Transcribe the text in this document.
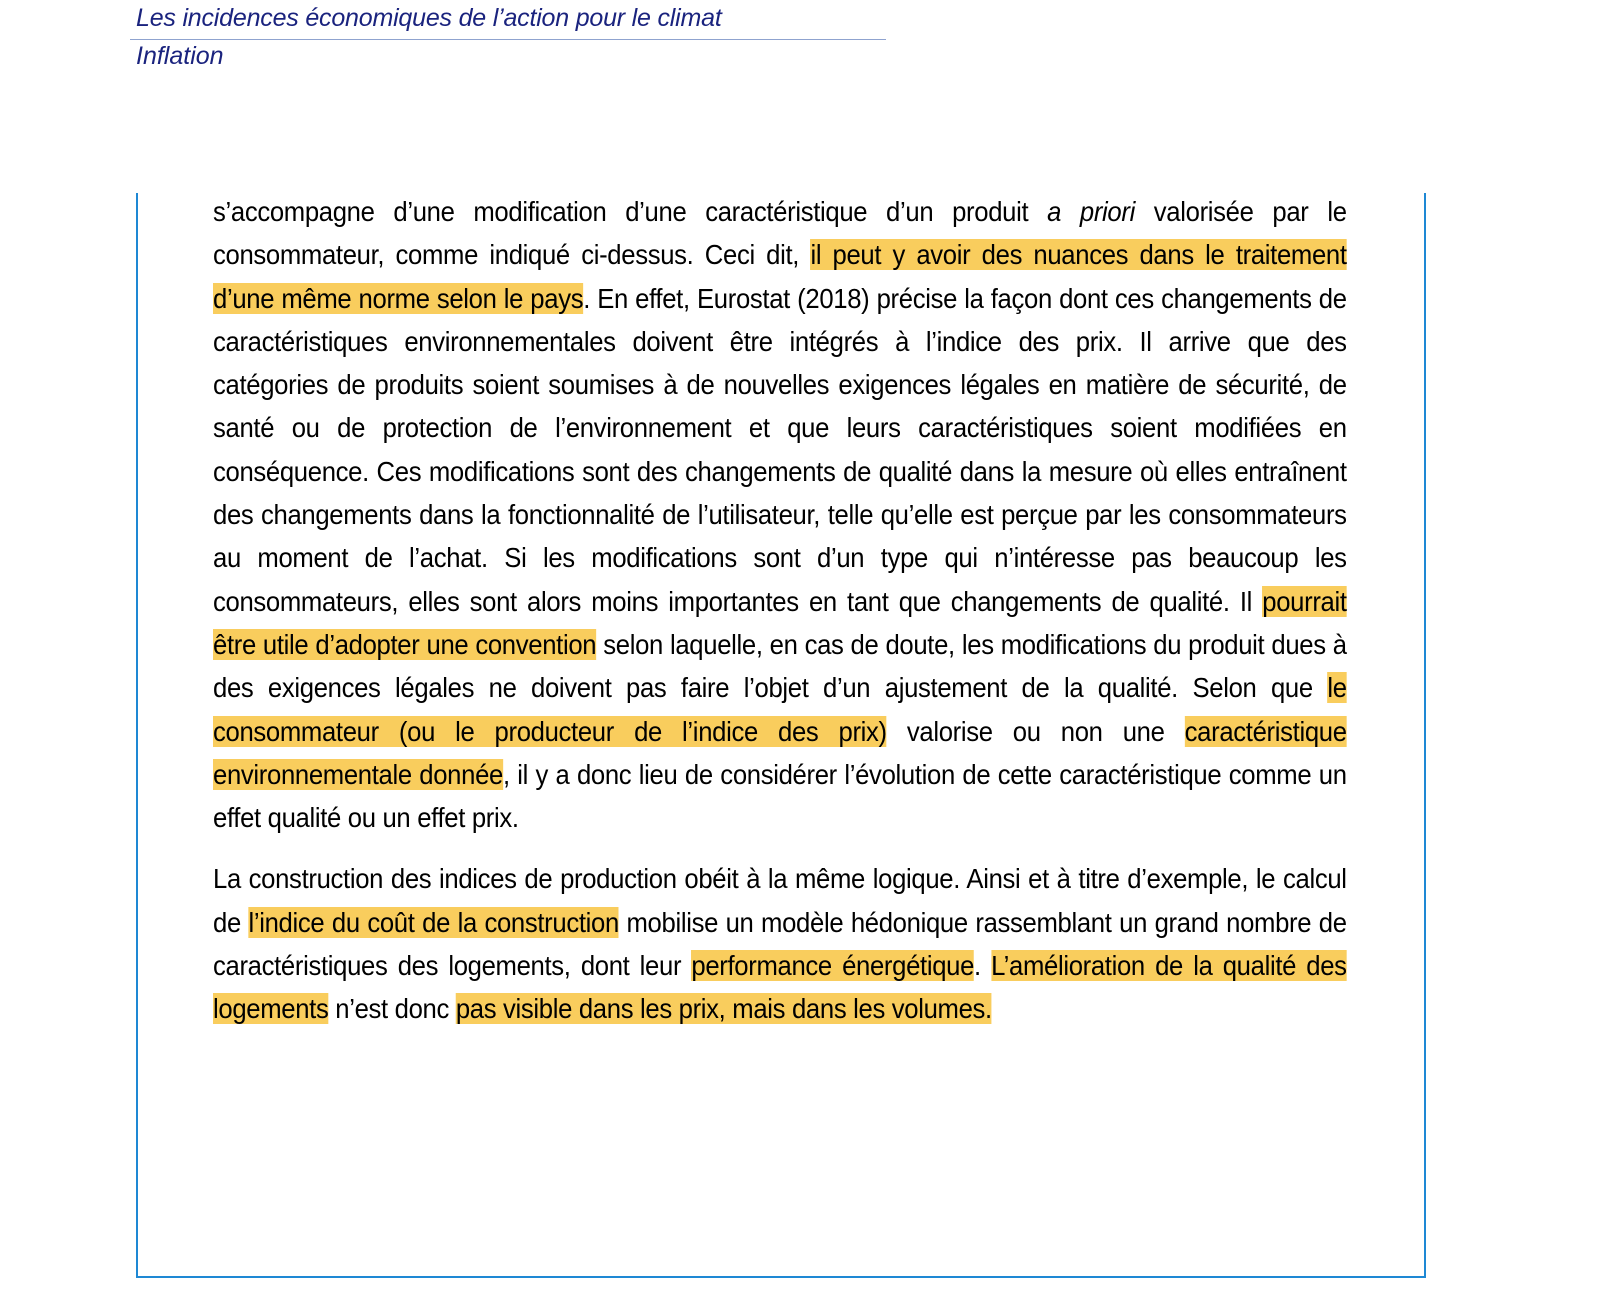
Les incidences économiques de l’action pour le climat
Inflation

s’accompagne d’une modification d’une caractéristique d’un produit a priori valorisée par le consommateur, comme indiqué ci-dessus. Ceci dit, il peut y avoir des nuances dans le traitement d’une même norme selon le pays. En effet, Eurostat (2018) précise la façon dont ces changements de caractéristiques environnementales doivent être intégrés à l’indice des prix. Il arrive que des catégories de produits soient soumises à de nouvelles exigences légales en matière de sécurité, de santé ou de protection de l’environnement et que leurs caractéristiques soient modifiées en conséquence. Ces modifications sont des changements de qualité dans la mesure où elles entraînent des changements dans la fonctionnalité de l’utilisateur, telle qu’elle est perçue par les consommateurs au moment de l’achat. Si les modifications sont d’un type qui n’intéresse pas beaucoup les consommateurs, elles sont alors moins importantes en tant que changements de qualité. Il pourrait être utile d’adopter une convention selon laquelle, en cas de doute, les modifications du produit dues à des exigences légales ne doivent pas faire l’objet d’un ajustement de la qualité. Selon que le consommateur (ou le producteur de l’indice des prix) valorise ou non une caractéristique environnementale donnée, il y a donc lieu de considérer l’évolution de cette caractéristique comme un effet qualité ou un effet prix.

La construction des indices de production obéit à la même logique. Ainsi et à titre d’exemple, le calcul de l’indice du coût de la construction mobilise un modèle hédonique rassemblant un grand nombre de caractéristiques des logements, dont leur performance énergétique. L’amélioration de la qualité des logements n’est donc pas visible dans les prix, mais dans les volumes.
